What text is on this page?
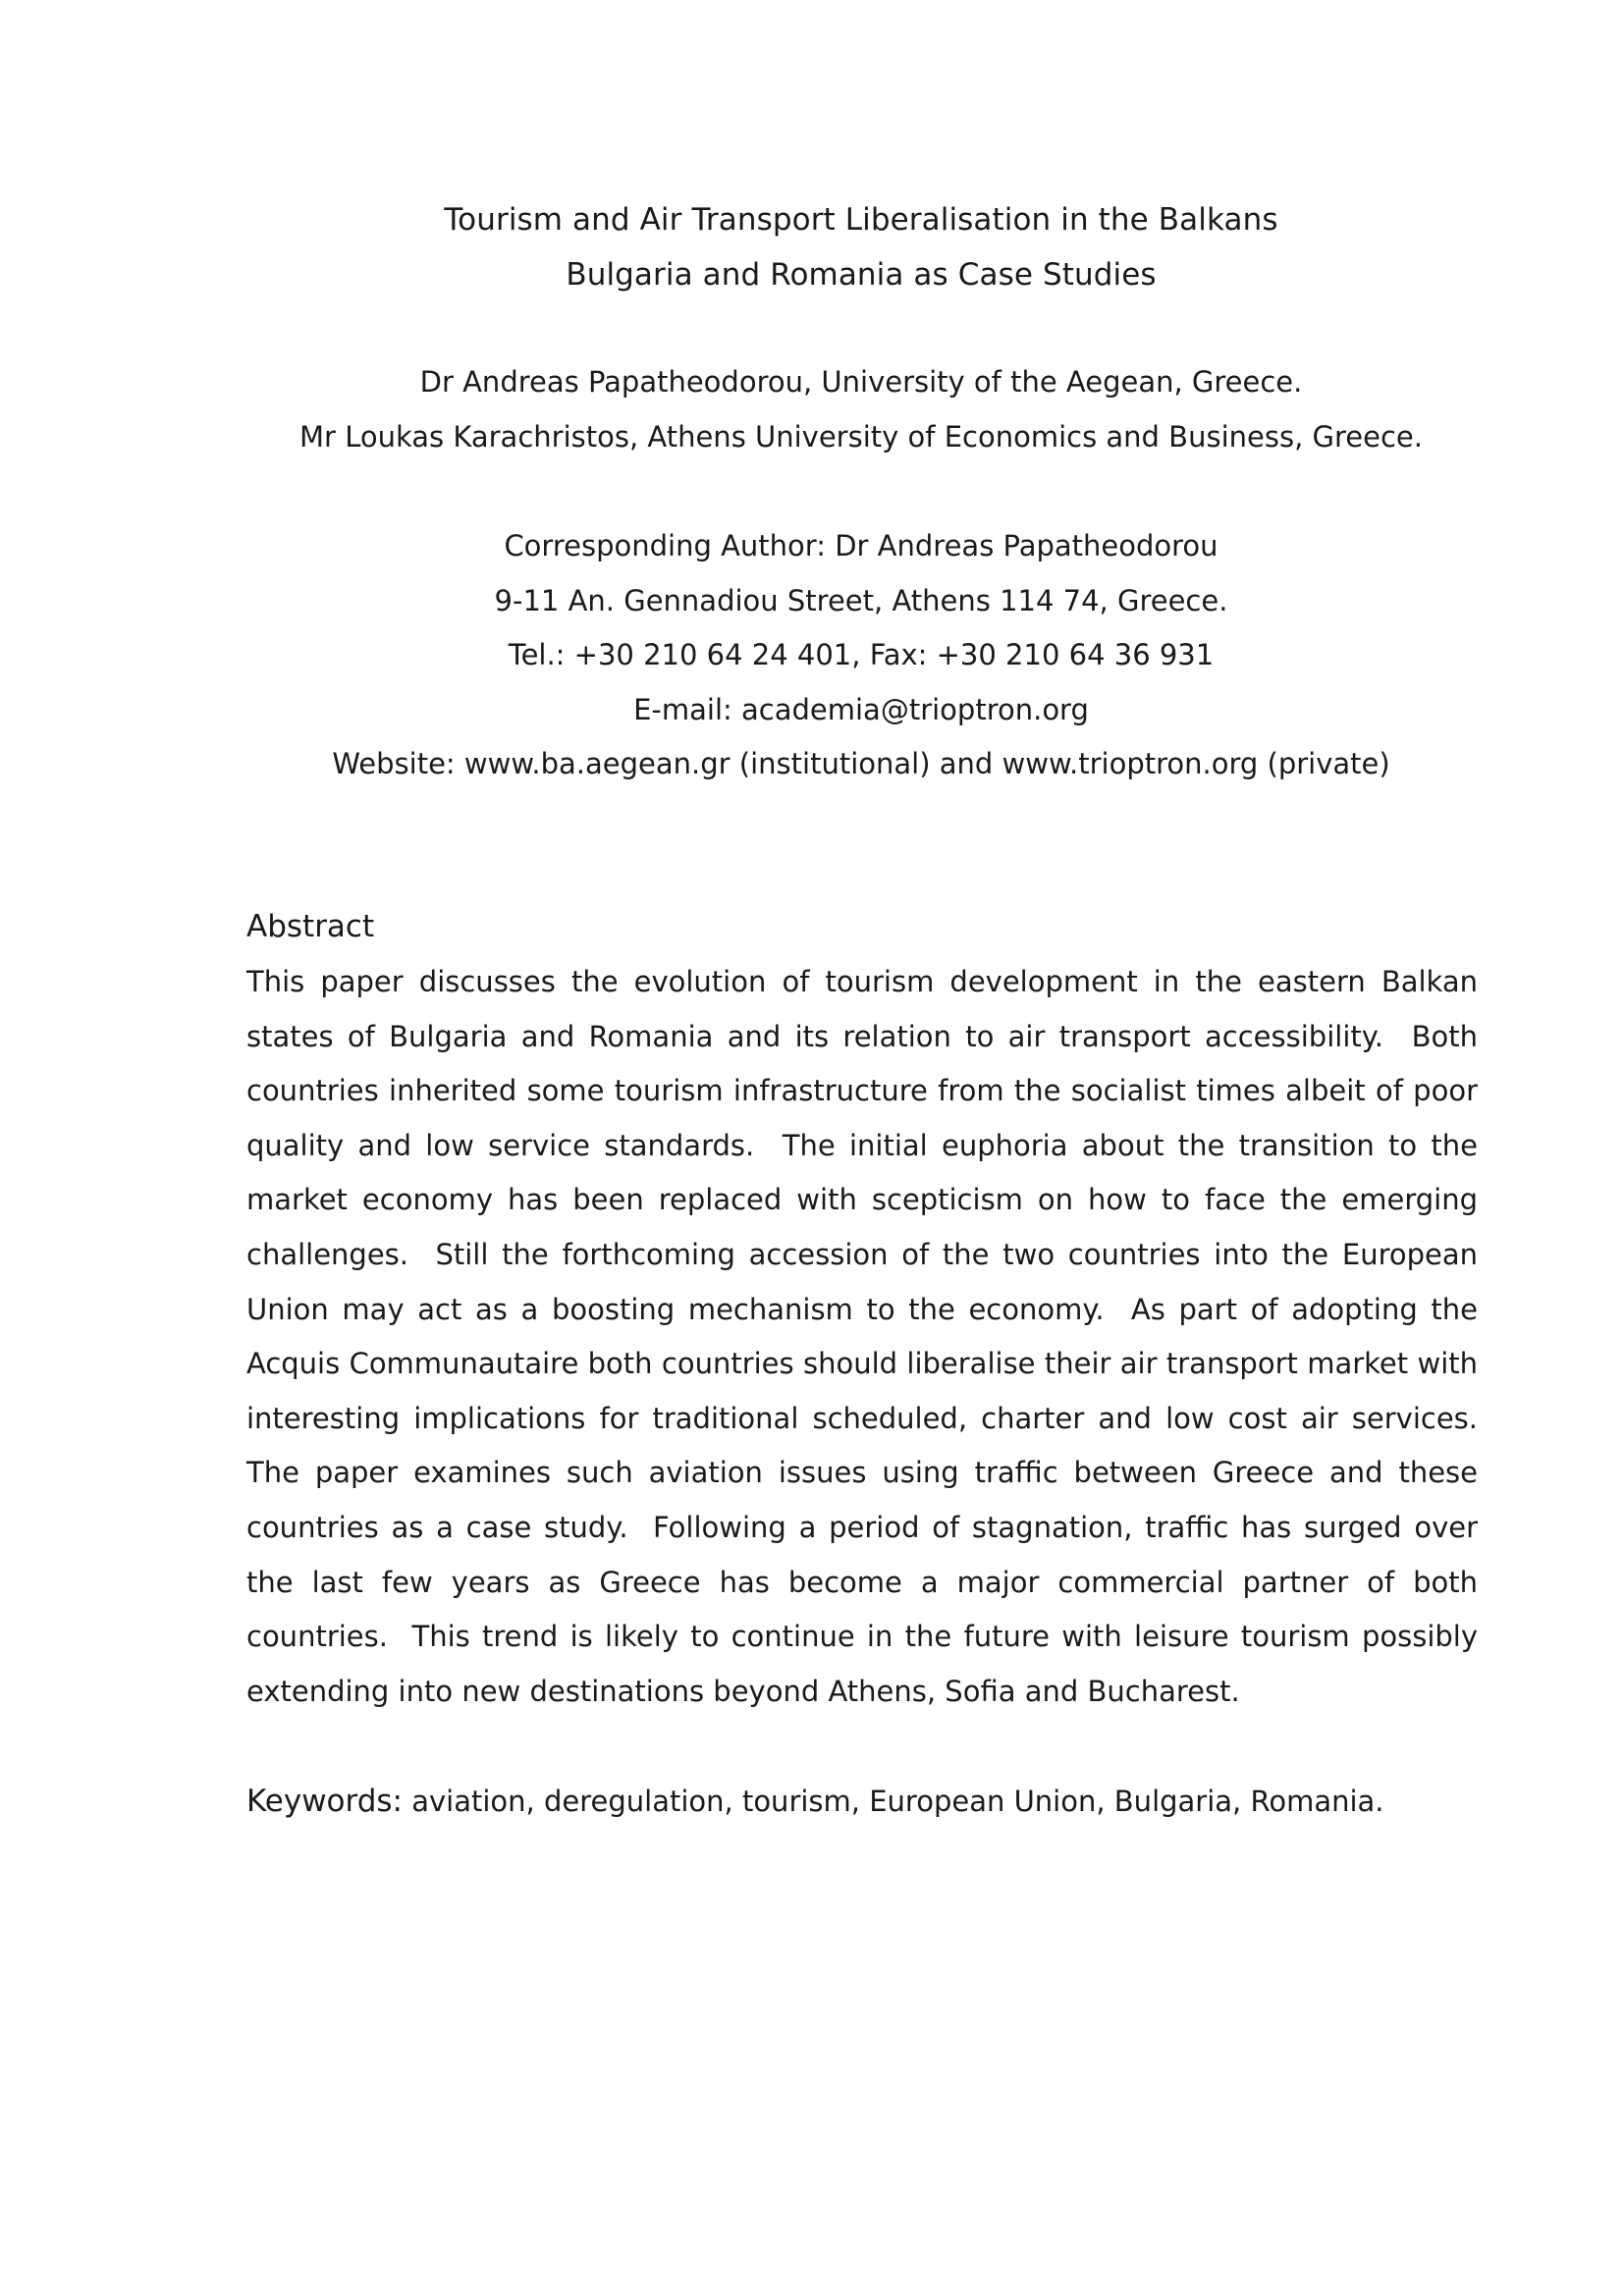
Tourism and Air Transport Liberalisation in the Balkans

Bulgaria and Romania as Case Studies

Dr Andreas Papatheodorou, University of the Aegean, Greece.

Mr Loukas Karachristos, Athens University of Economics and Business, Greece.

Corresponding Author: Dr Andreas Papatheodorou

9-11 An. Gennadiou Street, Athens 114 74, Greece.

Tel.: +30 210 64 24 401, Fax: +30 210 64 36 931

E-mail: academia@trioptron.org

Website: www.ba.aegean.gr (institutional) and www.trioptron.org (private)

Abstract

This paper discusses the evolution of tourism development in the eastern Balkan states of Bulgaria and Romania and its relation to air transport accessibility.  Both countries inherited some tourism infrastructure from the socialist times albeit of poor quality and low service standards.  The initial euphoria about the transition to the market economy has been replaced with scepticism on how to face the emerging challenges.  Still the forthcoming accession of the two countries into the European Union may act as a boosting mechanism to the economy.  As part of adopting the Acquis Communautaire both countries should liberalise their air transport market with interesting implications for traditional scheduled, charter and low cost air services.  The paper examines such aviation issues using traffic between Greece and these countries as a case study.  Following a period of stagnation, traffic has surged over the last few years as Greece has become a major commercial partner of both countries.  This trend is likely to continue in the future with leisure tourism possibly extending into new destinations beyond Athens, Sofia and Bucharest.

Keywords: aviation, deregulation, tourism, European Union, Bulgaria, Romania.
